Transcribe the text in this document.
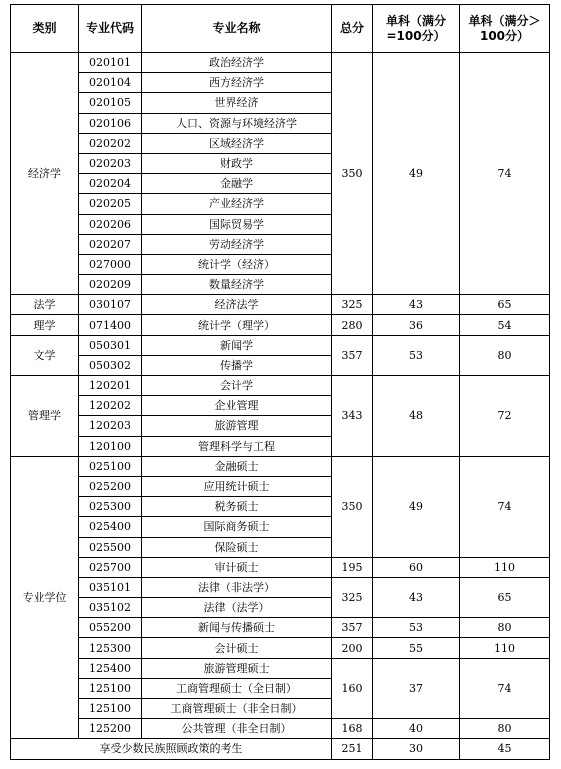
类别	专业代码	专业名称	总分	单科（满分=100分）	单科（满分＞100分）
经济学	020101	政治经济学	350	49	74
	020104	西方经济学			
	020105	世界经济			
	020106	人口、资源与环境经济学			
	020202	区域经济学			
	020203	财政学			
	020204	金融学			
	020205	产业经济学			
	020206	国际贸易学			
	020207	劳动经济学			
	027000	统计学（经济）			
	020209	数量经济学			
法学	030107	经济法学	325	43	65
理学	071400	统计学（理学）	280	36	54
文学	050301	新闻学	357	53	80
	050302	传播学			
管理学	120201	会计学	343	48	72
	120202	企业管理			
	120203	旅游管理			
	120100	管理科学与工程			
专业学位	025100	金融硕士	350	49	74
	025200	应用统计硕士			
	025300	税务硕士			
	025400	国际商务硕士			
	025500	保险硕士			
	025700	审计硕士	195	60	110
	035101	法律（非法学）	325	43	65
	035102	法律（法学）			
	055200	新闻与传播硕士	357	53	80
	125300	会计硕士	200	55	110
	125400	旅游管理硕士	160	37	74
	125100	工商管理硕士（全日制）			
	125100	工商管理硕士（非全日制）			
	125200	公共管理（非全日制）	168	40	80
享受少数民族照顾政策的考生			251	30	45
